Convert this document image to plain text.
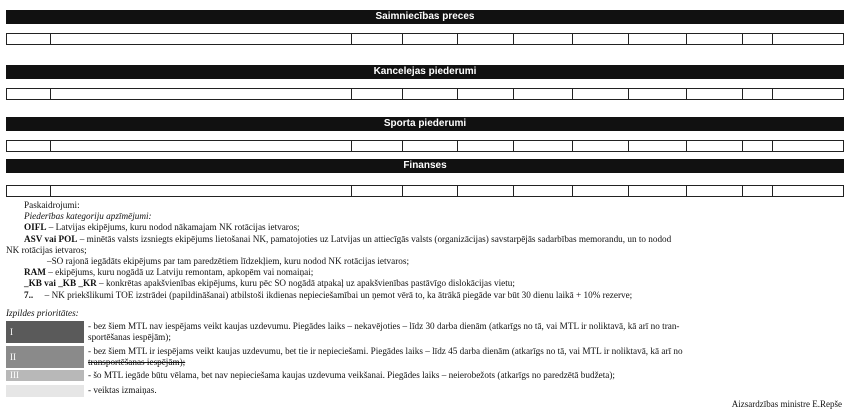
Saimniecības preces
Kancelejas piederumi
Sporta piederumi
Finanses
Paskaidrojumi:
Piederības kategoriju apzīmējumi:
OIFL – Latvijas ekipējums, kuru nodod nākamajam NK rotācijas ietvaros;
ASV vai POL – minētās valsts izsniegts ekipējums lietošanai NK, pamatojoties uz Latvijas un attiecīgās valsts (organizācijas) savstarpējās sadarbības memorandu, un to nodod
NK rotācijas ietvaros;
–SO rajonā iegādāts ekipējums par tam paredzētiem līdzekļiem, kuru nodod NK rotācijas ietvaros;
RAM – ekipējums, kuru nogādā uz Latviju remontam, apkopēm vai nomaiņai;
_KB vai _KB _KR – konkrētas apakšvienības ekipējums, kuru pēc SO nogādā atpakaļ uz apakšvienības pastāvīgo dislokācijas vietu;
7..     – NK priekšlikumi TOE izstrādei (papildināšanai) atbilstoši ikdienas nepieciešamībai un ņemot vērā to, ka ātrākā piegāde var būt 30 dienu laikā + 10% rezerve;
Izpildes prioritātes:
I
- bez šiem MTL nav iespējams veikt kaujas uzdevumu. Piegādes laiks – nekavējoties – līdz 30 darba dienām (atkarīgs no tā, vai MTL ir noliktavā, kā arī no tran-
sportēšanas iespējām);
II
- bez šiem MTL ir iespējams veikt kaujas uzdevumu, bet tie ir nepieciešami. Piegādes laiks – līdz 45 darba dienām (atkarīgs no tā, vai MTL ir noliktavā, kā arī no
transportēšanas iespējām);
III	- šo MTL iegāde būtu vēlama, bet nav nepieciešama kaujas uzdevuma veikšanai. Piegādes laiks – neierobežots (atkarīgs no paredzētā budžeta);
- veiktas izmaiņas.
Aizsardzības ministre E.Repše
